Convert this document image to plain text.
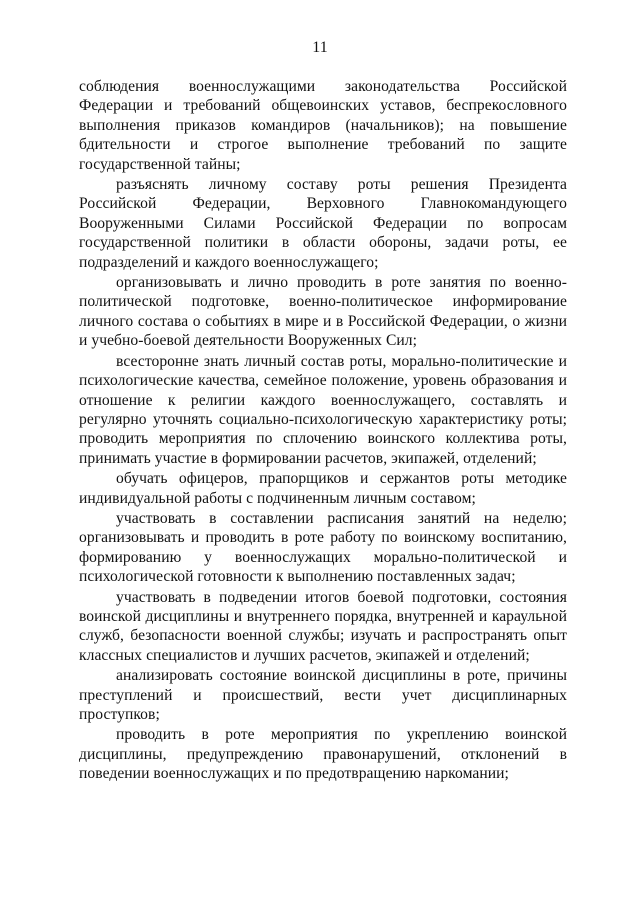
11

соблюдения военнослужащими законодательства Российской Федерации и требований общевоинских уставов, беспрекословного выполнения приказов командиров (начальников); на повышение бдительности и строгое выполнение требований по защите государственной тайны;

разъяснять личному составу роты решения Президента Российской Федерации, Верховного Главнокомандующего Вооруженными Силами Российской Федерации по вопросам государственной политики в области обороны, задачи роты, ее подразделений и каждого военнослужащего;

организовывать и лично проводить в роте занятия по военно-политической подготовке, военно-политическое информирование личного состава о событиях в мире и в Российской Федерации, о жизни и учебно-боевой деятельности Вооруженных Сил;

всесторонне знать личный состав роты, морально-политические и психологические качества, семейное положение, уровень образования и отношение к религии каждого военнослужащего, составлять и регулярно уточнять социально-психологическую характеристику роты; проводить мероприятия по сплочению воинского коллектива роты, принимать участие в формировании расчетов, экипажей, отделений;

обучать офицеров, прапорщиков и сержантов роты методике индивидуальной работы с подчиненным личным составом;

участвовать в составлении расписания занятий на неделю; организовывать и проводить в роте работу по воинскому воспитанию, формированию у военнослужащих морально-политической и психологической готовности к выполнению поставленных задач;

участвовать в подведении итогов боевой подготовки, состояния воинской дисциплины и внутреннего порядка, внутренней и караульной служб, безопасности военной службы; изучать и распространять опыт классных специалистов и лучших расчетов, экипажей и отделений;

анализировать состояние воинской дисциплины в роте, причины преступлений и происшествий, вести учет дисциплинарных проступков;

проводить в роте мероприятия по укреплению воинской дисциплины, предупреждению правонарушений, отклонений в поведении военнослужащих и по предотвращению наркомании;
